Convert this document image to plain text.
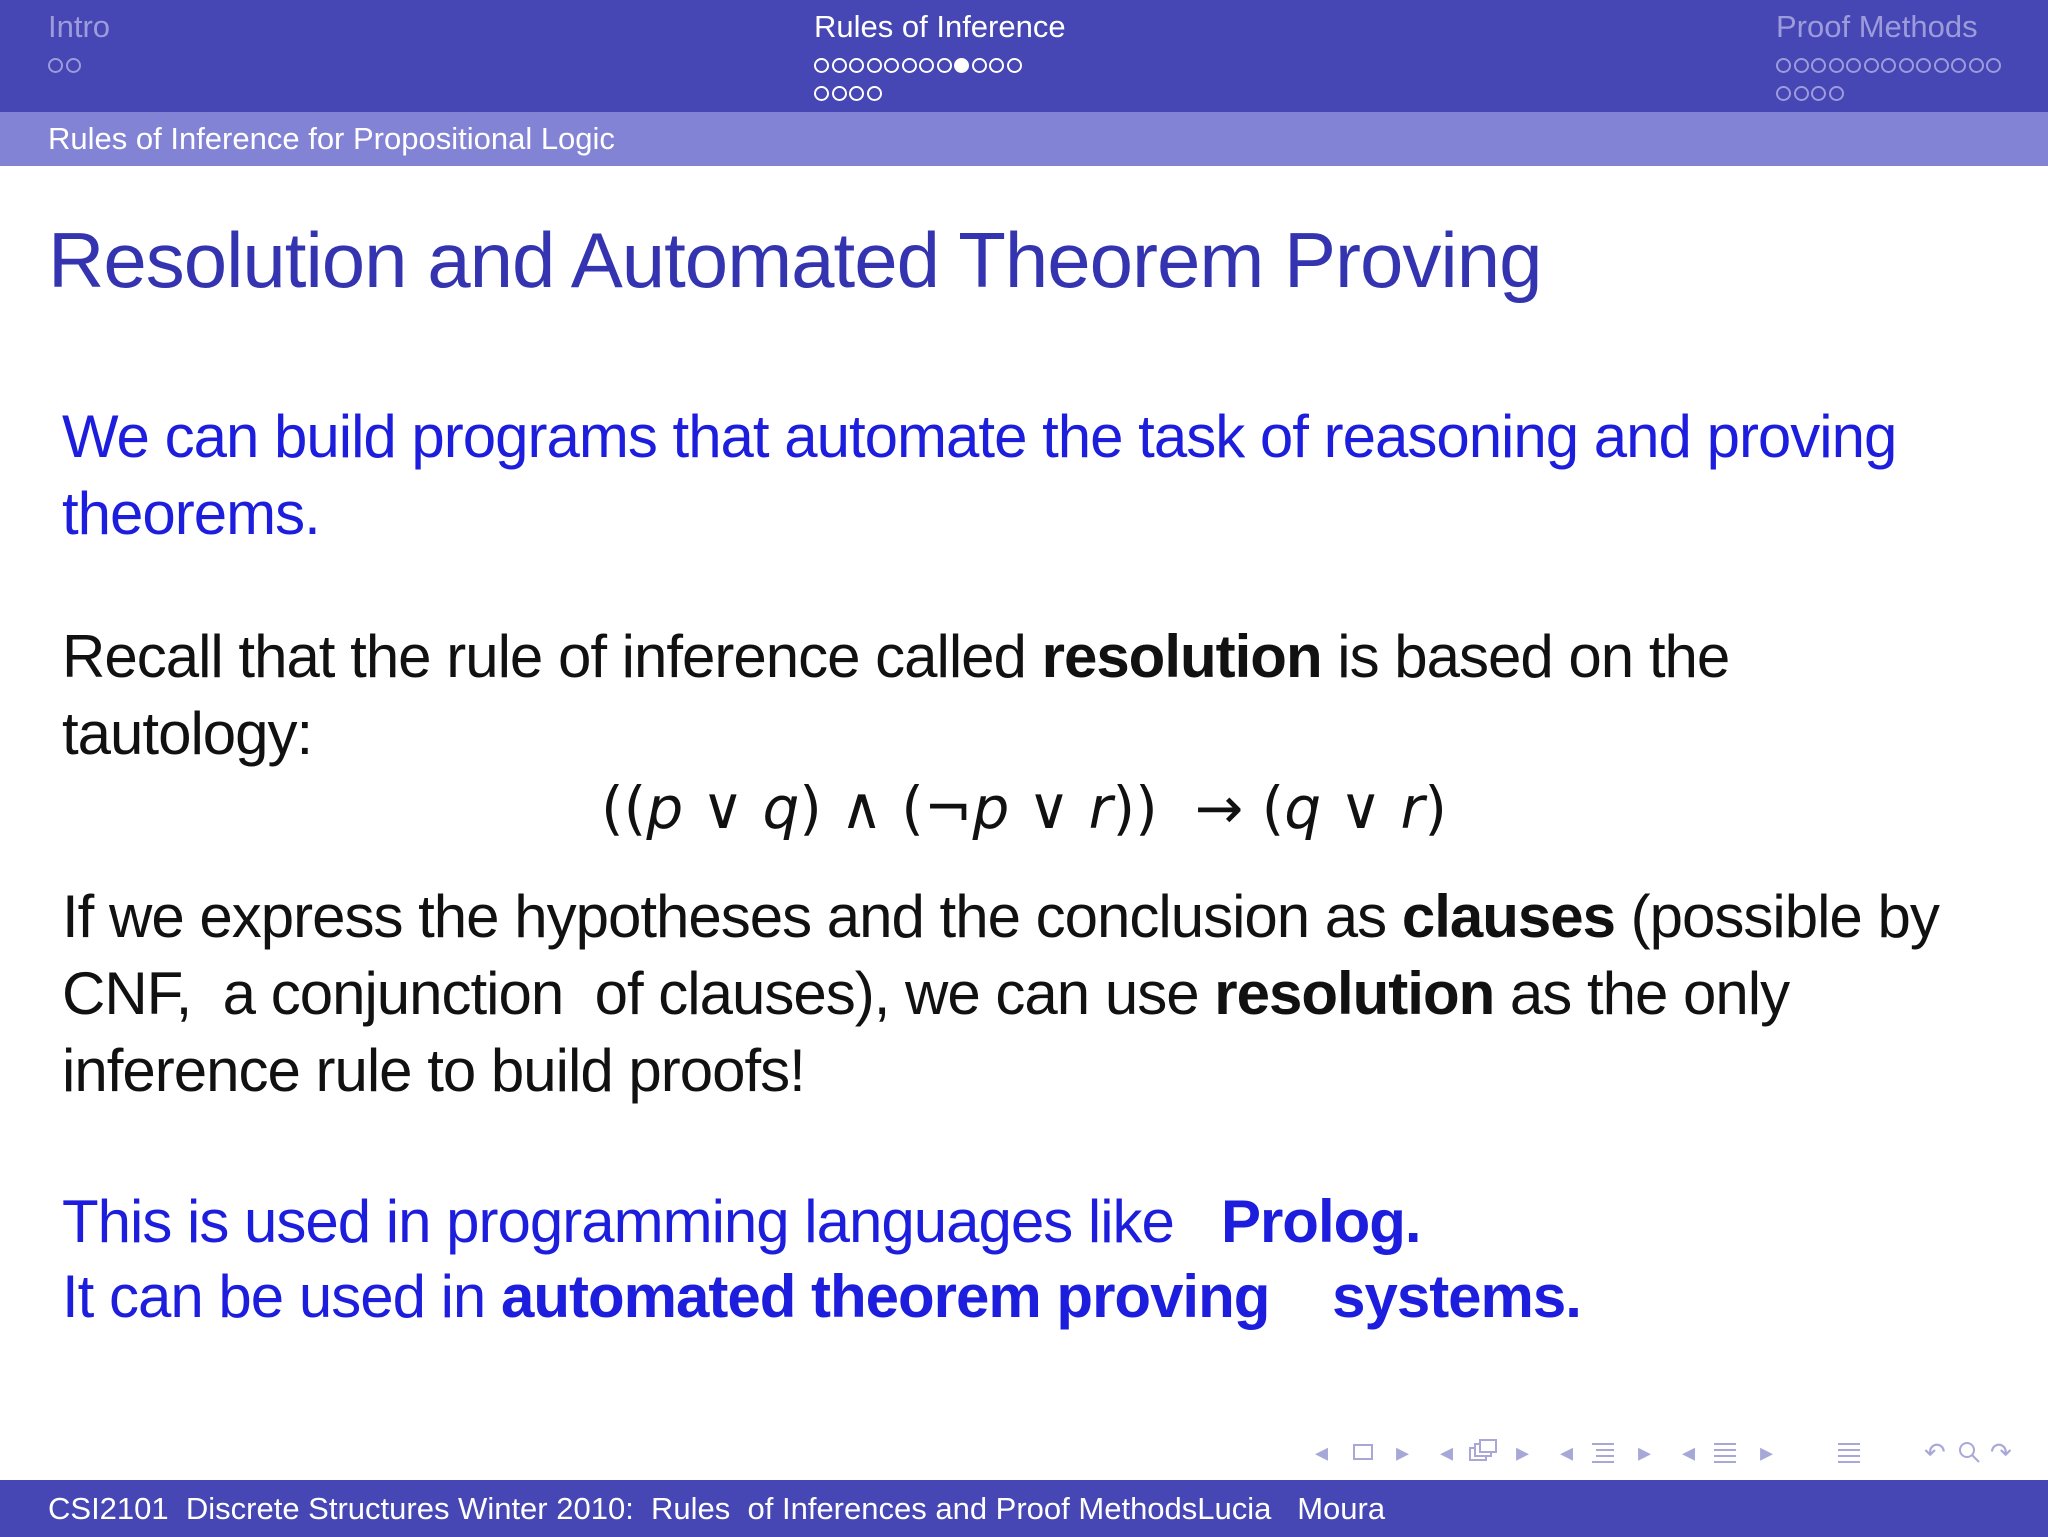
Intro	Rules of Inference	Proof Methods
Rules of Inference for Propositional Logic
Resolution and Automated Theorem Proving
We can build programs that automate the task of reasoning and proving theorems.
Recall that the rule of inference called resolution is based on the tautology:
((p ∨ q) ∧ (¬p ∨ r))  → (q ∨ r)
If we express the hypotheses and the conclusion as clauses (possible by CNF,  a conjunction  of clauses), we can use resolution as the only inference rule to build proofs!
This is used in programming languages like   Prolog.
It can be used in automated theorem proving    systems.
◂	▸ ◂ ▸ ◂ ▸ ◂ ▸	↶ ↷
CSI2101  Discrete Structures Winter 2010:  Rules  of Inferences and Proof MethodsLucia   Moura
